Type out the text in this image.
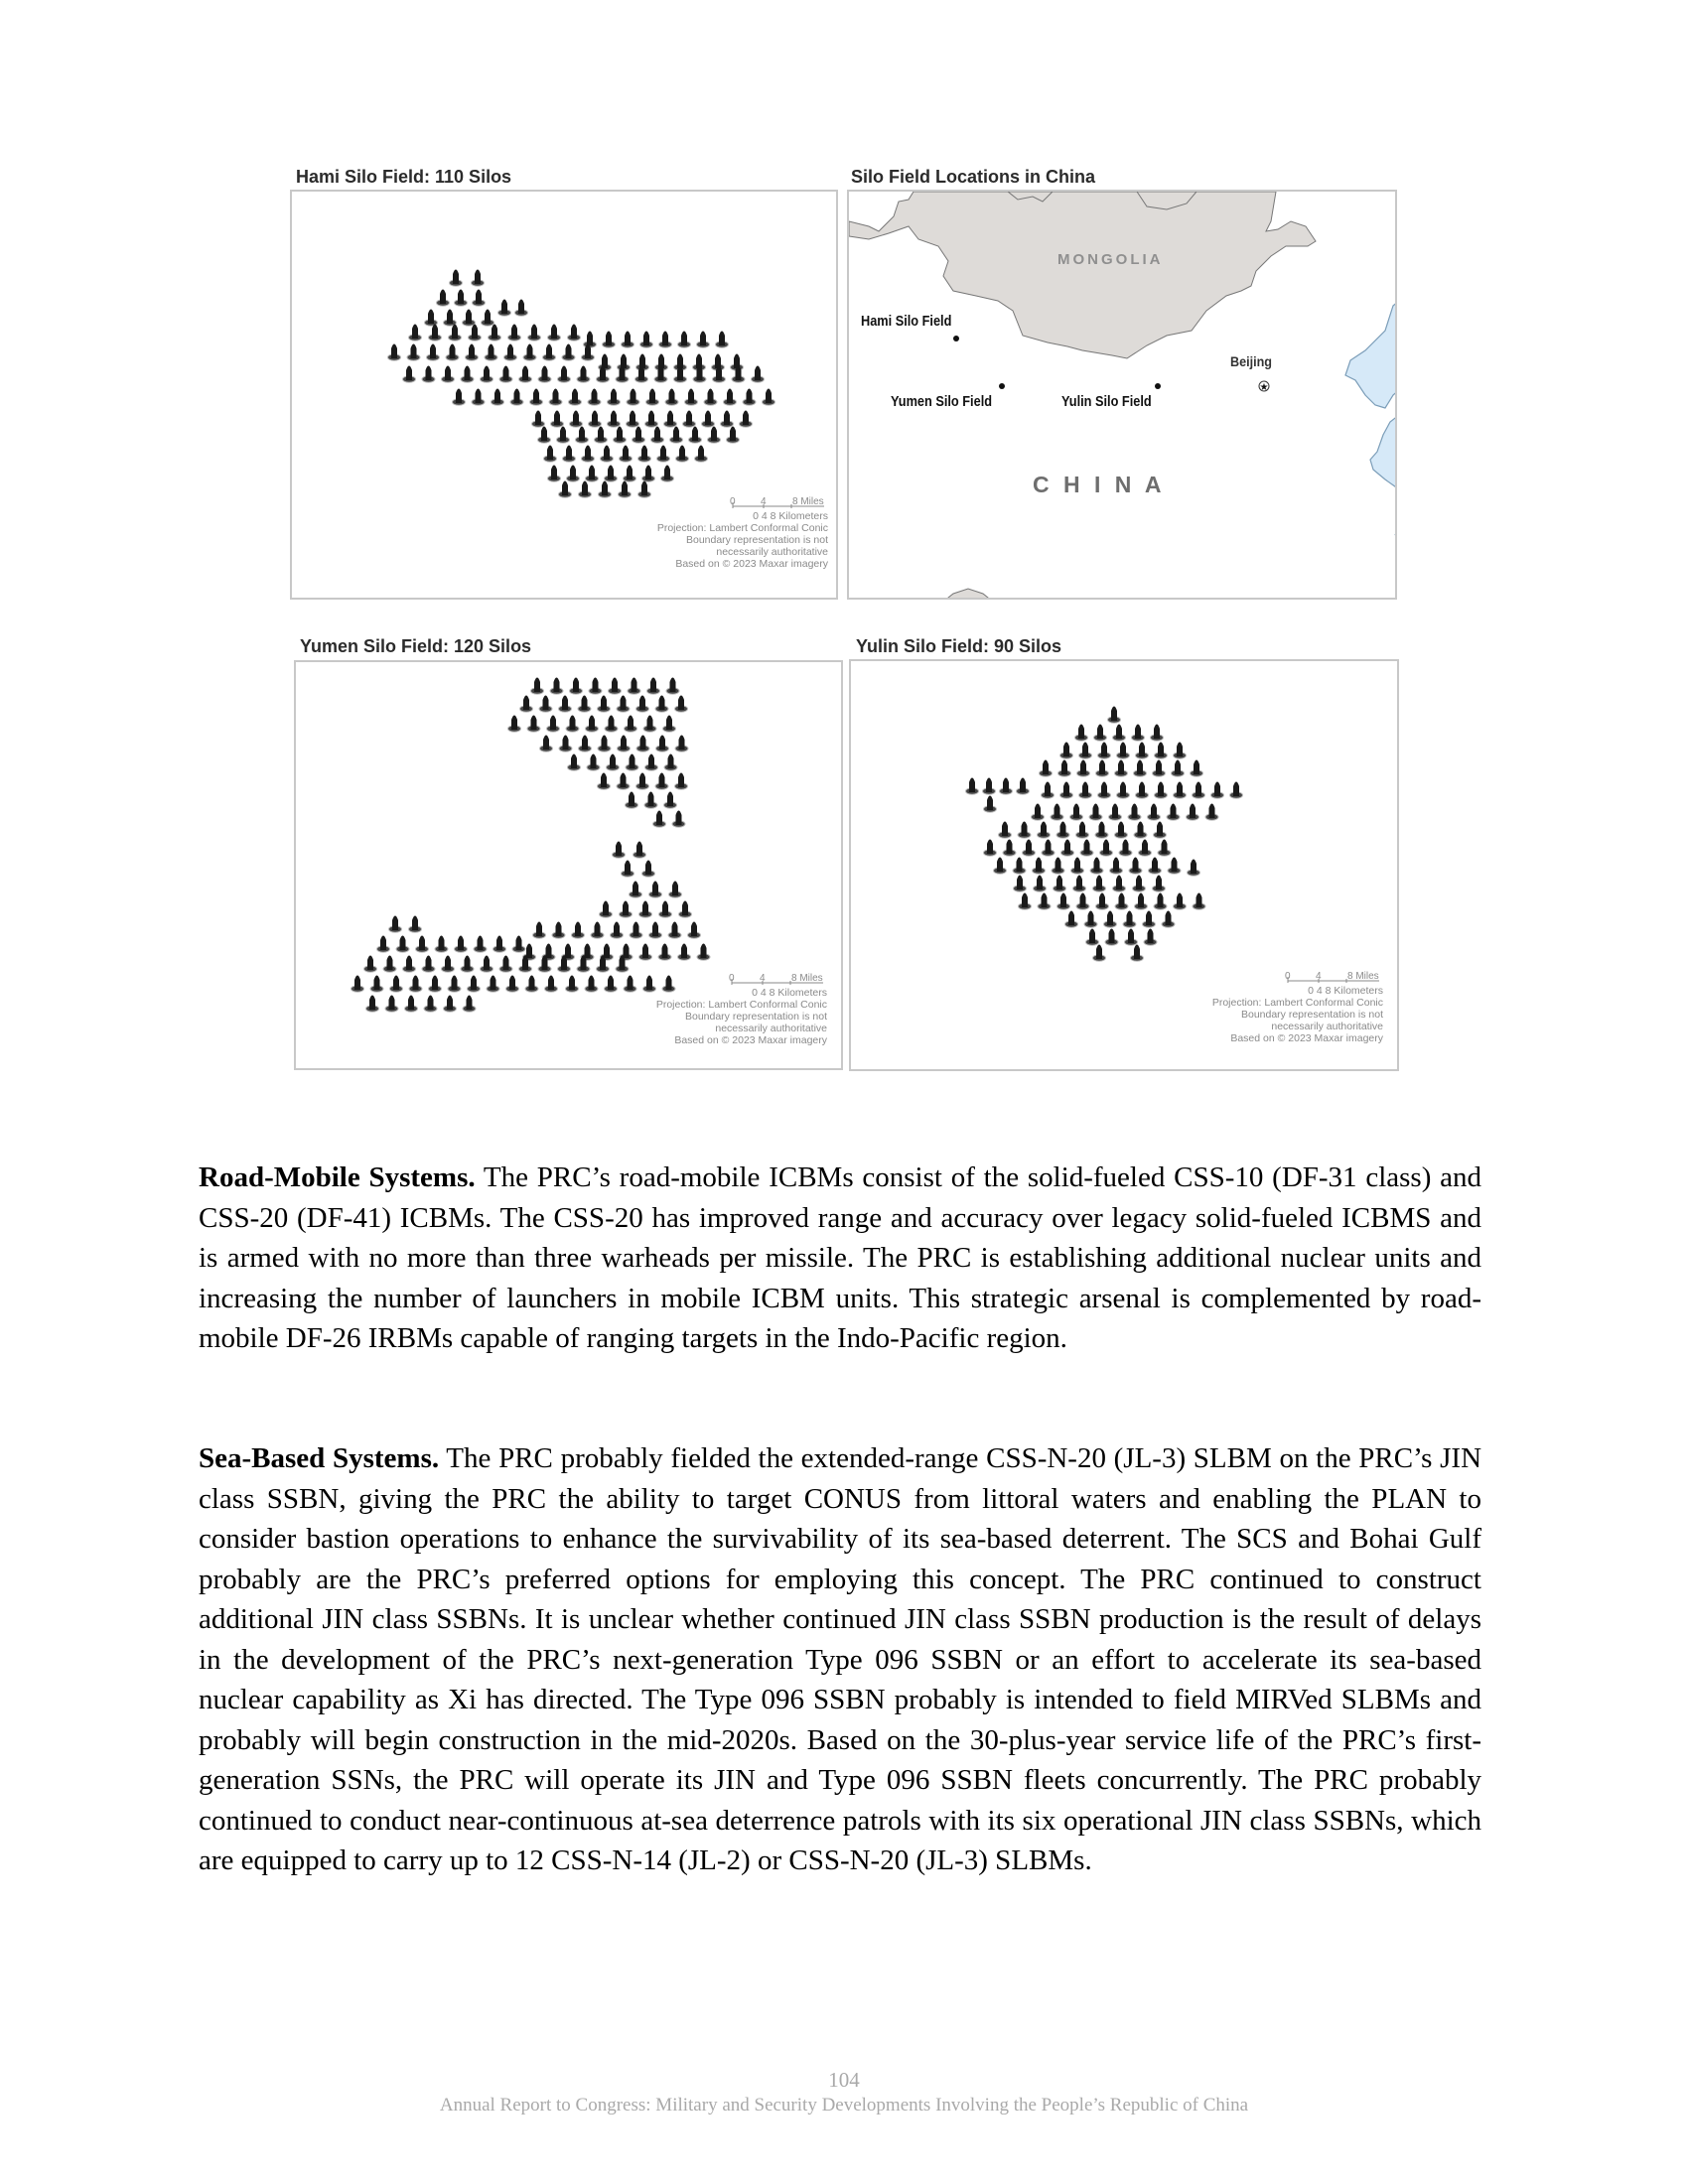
Hami Silo Field: 110 Silos
0	4	8 Miles
0 4 8 Kilometers
Projection: Lambert Conformal Conic
Boundary representation is not
necessarily authoritative
Based on © 2023 Maxar imagery
Silo Field Locations in China
★
MONGOLIA
C H I N A
Hami Silo Field
Yumen Silo Field	Yulin Silo Field
Beijing
Yumen Silo Field: 120 Silos
0	4	8 Miles
0 4 8 Kilometers
Projection: Lambert Conformal Conic
Boundary representation is not
necessarily authoritative
Based on © 2023 Maxar imagery
Yulin Silo Field: 90 Silos
0	4	8 Miles
0 4 8 Kilometers
Projection: Lambert Conformal Conic
Boundary representation is not
necessarily authoritative
Based on © 2023 Maxar imagery

Road-Mobile Systems. The PRC’s road-mobile ICBMs consist of the solid-fueled CSS-10 (DF-31 class) and CSS-20 (DF-41) ICBMs. The CSS-20 has improved range and accuracy over legacy solid-fueled ICBMS and is armed with no more than three warheads per missile. The PRC is establishing additional nuclear units and increasing the number of launchers in mobile ICBM units. This strategic arsenal is complemented by road-mobile DF-26 IRBMs capable of ranging targets in the Indo-Pacific region.

Sea-Based Systems. The PRC probably fielded the extended-range CSS-N-20 (JL-3) SLBM on the PRC’s JIN class SSBN, giving the PRC the ability to target CONUS from littoral waters and enabling the PLAN to consider bastion operations to enhance the survivability of its sea-based deterrent. The SCS and Bohai Gulf probably are the PRC’s preferred options for employing this concept. The PRC continued to construct additional JIN class SSBNs. It is unclear whether continued JIN class SSBN production is the result of delays in the development of the PRC’s next-generation Type 096 SSBN or an effort to accelerate its sea-based nuclear capability as Xi has directed. The Type 096 SSBN probably is intended to field MIRVed SLBMs and probably will begin construction in the mid-2020s. Based on the 30-plus-year service life of the PRC’s first-generation SSNs, the PRC will operate its JIN and Type 096 SSBN fleets concurrently. The PRC probably continued to conduct near-continuous at-sea deterrence patrols with its six operational JIN class SSBNs, which are equipped to carry up to 12 CSS-N-14 (JL-2) or CSS-N-20 (JL-3) SLBMs.

104
Annual Report to Congress: Military and Security Developments Involving the People’s Republic of China
